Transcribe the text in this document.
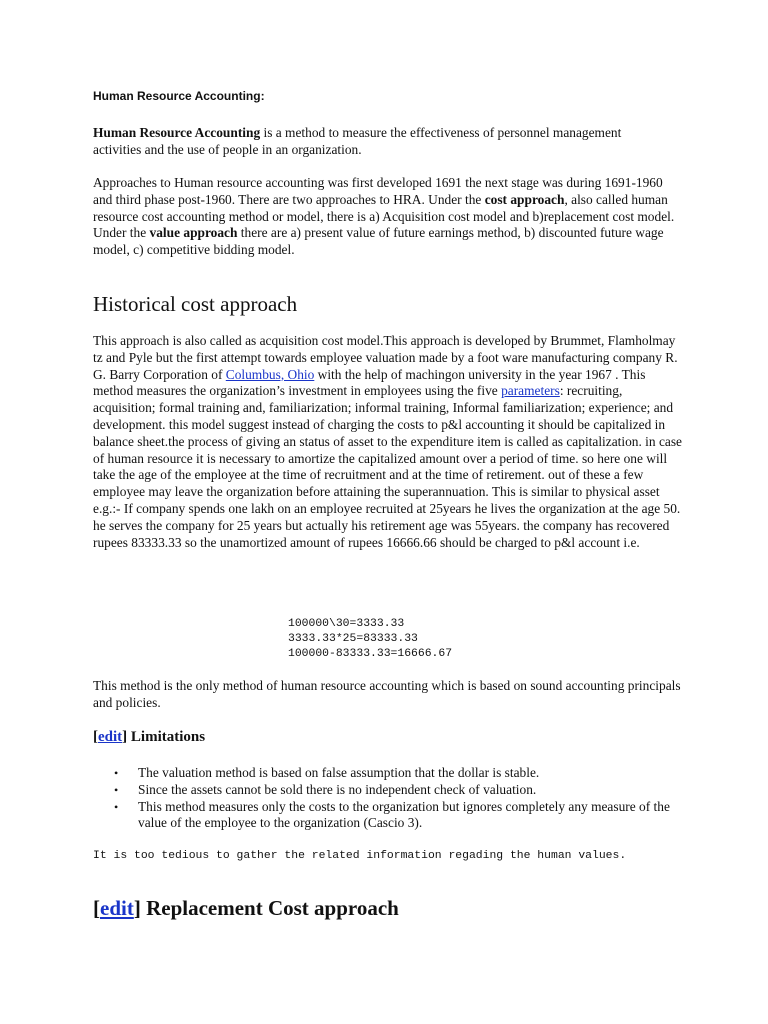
Human Resource Accounting:

Human Resource Accounting is a method to measure the effectiveness of personnel management activities and the use of people in an organization.

Approaches to Human resource accounting was first developed 1691 the next stage was during 1691-1960 and third phase post-1960. There are two approaches to HRA. Under the cost approach, also called human resource cost accounting method or model, there is a) Acquisition cost model and b)replacement cost model. Under the value approach there are a) present value of future earnings method, b) discounted future wage model, c) competitive bidding model.

Historical cost approach

This approach is also called as acquisition cost model.This approach is developed by Brummet, Flamholmay tz and Pyle but the first attempt towards employee valuation made by a foot ware manufacturing company R. G. Barry Corporation of Columbus, Ohio with the help of machingon university in the year 1967 . This method measures the organization’s investment in employees using the five parameters: recruiting, acquisition; formal training and, familiarization; informal training, Informal familiarization; experience; and development. this model suggest instead of charging the costs to p&l accounting it should be capitalized in balance sheet.the process of giving an status of asset to the expenditure item is called as capitalization. in case of human resource it is necessary to amortize the capitalized amount over a period of time. so here one will take the age of the employee at the time of recruitment and at the time of retirement. out of these a few employee may leave the organization before attaining the superannuation. This is similar to physical asset e.g.:- If company spends one lakh on an employee recruited at 25years he lives the organization at the age 50. he serves the company for 25 years but actually his retirement age was 55years. the company has recovered rupees 83333.33 so the unamortized amount of rupees 16666.66 should be charged to p&l account i.e.

100000\30=3333.33
3333.33*25=83333.33
100000-83333.33=16666.67

This method is the only method of human resource accounting which is based on sound accounting principals and policies.

[edit] Limitations
• The valuation method is based on false assumption that the dollar is stable.
• Since the assets cannot be sold there is no independent check of valuation.
• This method measures only the costs to the organization but ignores completely any measure of the value of the employee to the organization (Cascio 3).

It is too tedious to gather the related information regading the human values.

[edit] Replacement Cost approach
